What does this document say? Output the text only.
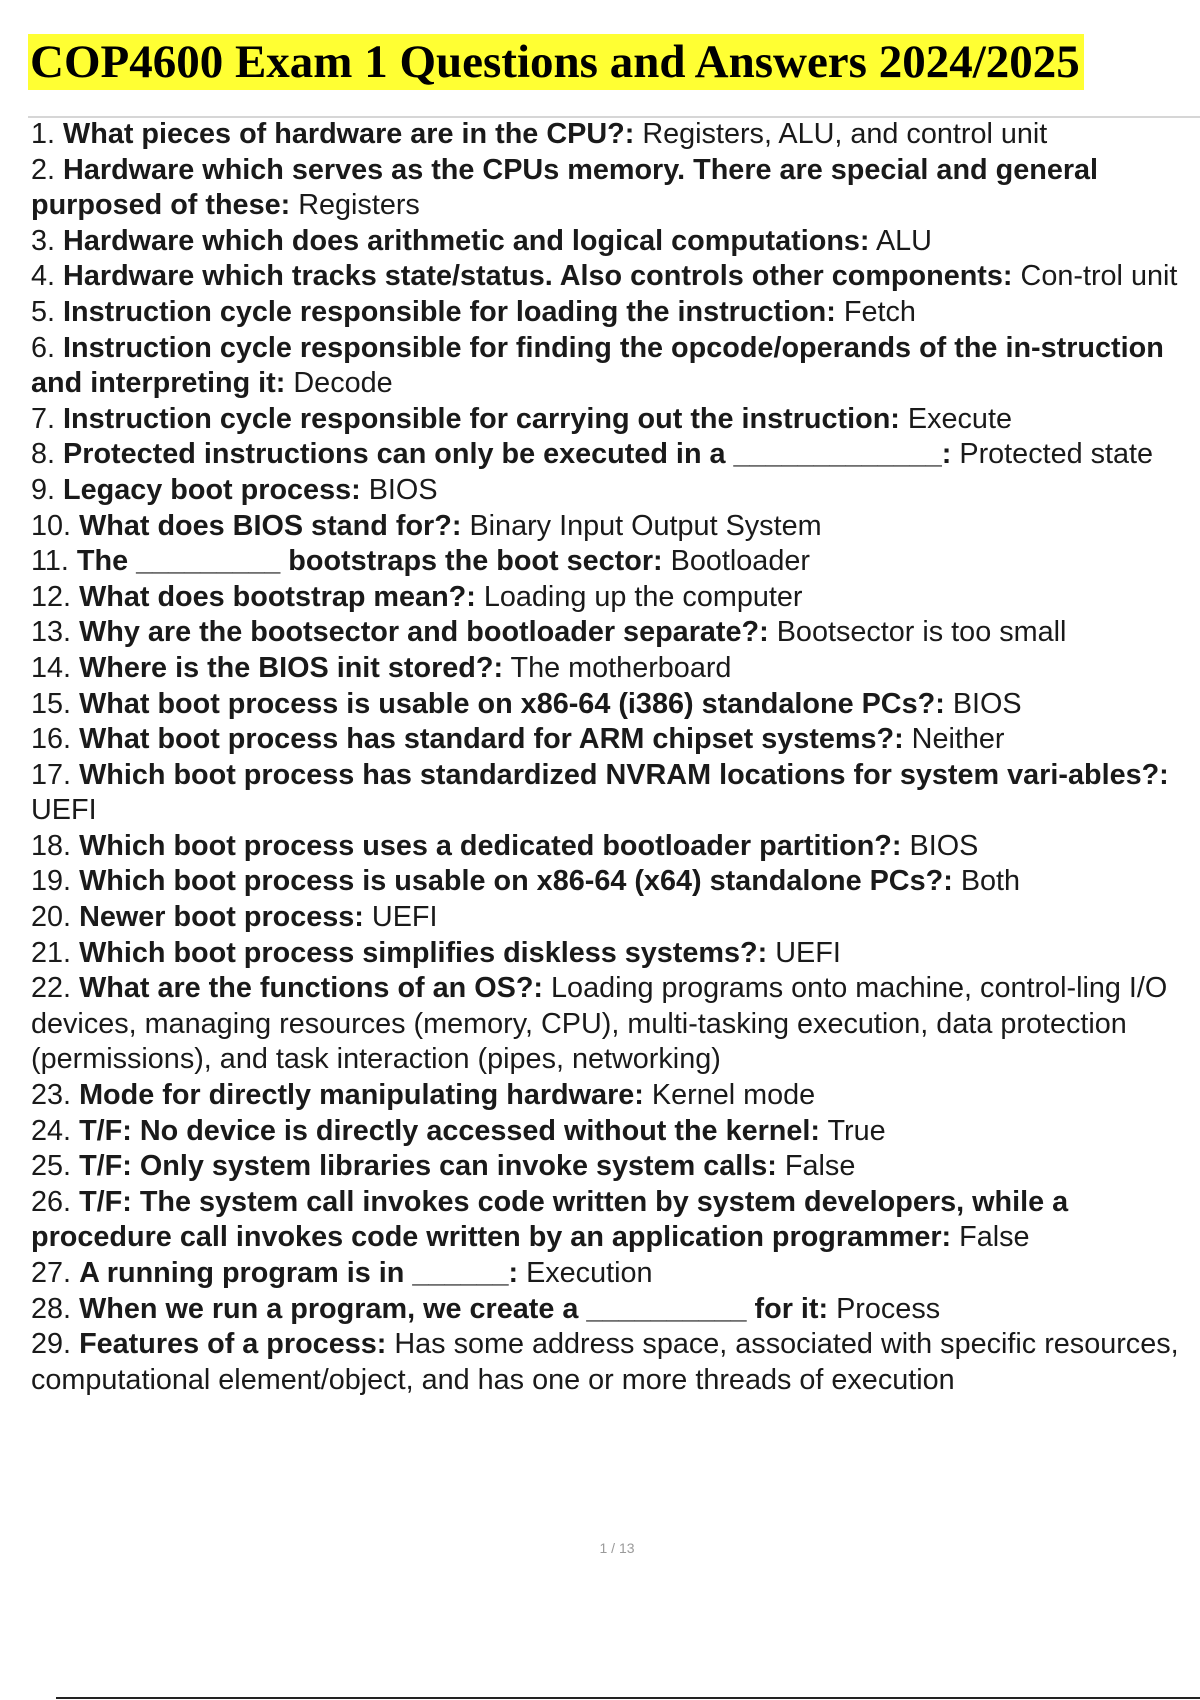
COP4600 Exam 1 Questions and Answers 2024/2025
1. What pieces of hardware are in the CPU?: Registers, ALU, and control unit
2. Hardware which serves as the CPUs memory. There are special and general purposed of these: Registers
3. Hardware which does arithmetic and logical computations: ALU
4. Hardware which tracks state/status. Also controls other components: Con-trol unit
5. Instruction cycle responsible for loading the instruction: Fetch
6. Instruction cycle responsible for finding the opcode/operands of the in-struction and interpreting it: Decode
7. Instruction cycle responsible for carrying out the instruction: Execute
8. Protected instructions can only be executed in a _____________: Protected state
9. Legacy boot process: BIOS
10. What does BIOS stand for?: Binary Input Output System
11. The _________ bootstraps the boot sector: Bootloader
12. What does bootstrap mean?: Loading up the computer
13. Why are the bootsector and bootloader separate?: Bootsector is too small
14. Where is the BIOS init stored?: The motherboard
15. What boot process is usable on x86-64 (i386) standalone PCs?: BIOS
16. What boot process has standard for ARM chipset systems?: Neither
17. Which boot process has standardized NVRAM locations for system vari-ables?: UEFI
18. Which boot process uses a dedicated bootloader partition?: BIOS
19. Which boot process is usable on x86-64 (x64) standalone PCs?: Both
20. Newer boot process: UEFI
21. Which boot process simplifies diskless systems?: UEFI
22. What are the functions of an OS?: Loading programs onto machine, control-ling I/O devices, managing resources (memory, CPU), multi-tasking execution, data protection (permissions), and task interaction (pipes, networking)
23. Mode for directly manipulating hardware: Kernel mode
24. T/F: No device is directly accessed without the kernel: True
25. T/F: Only system libraries can invoke system calls: False
26. T/F: The system call invokes code written by system developers, while a procedure call invokes code written by an application programmer: False
27. A running program is in ______: Execution
28. When we run a program, we create a __________ for it: Process
29. Features of a process: Has some address space, associated with specific resources, computational element/object, and has one or more threads of execution
1 / 13
